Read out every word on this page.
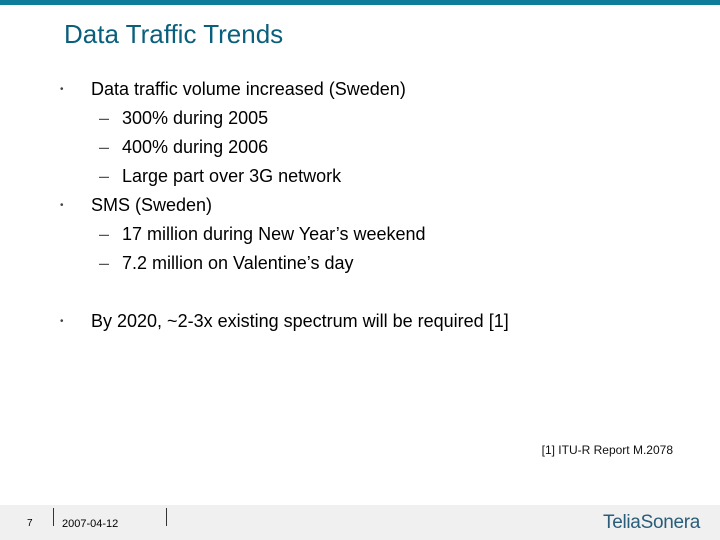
Data Traffic Trends
• Data traffic volume increased (Sweden)
– 300% during 2005
– 400% during 2006
– Large part over 3G network
• SMS (Sweden)
– 17 million during New Year’s weekend
– 7.2 million on Valentine’s day
• By 2020, ~2-3x existing spectrum will be required [1]
[1] ITU-R Report M.2078
7	2007-04-12	TeliaSonera
